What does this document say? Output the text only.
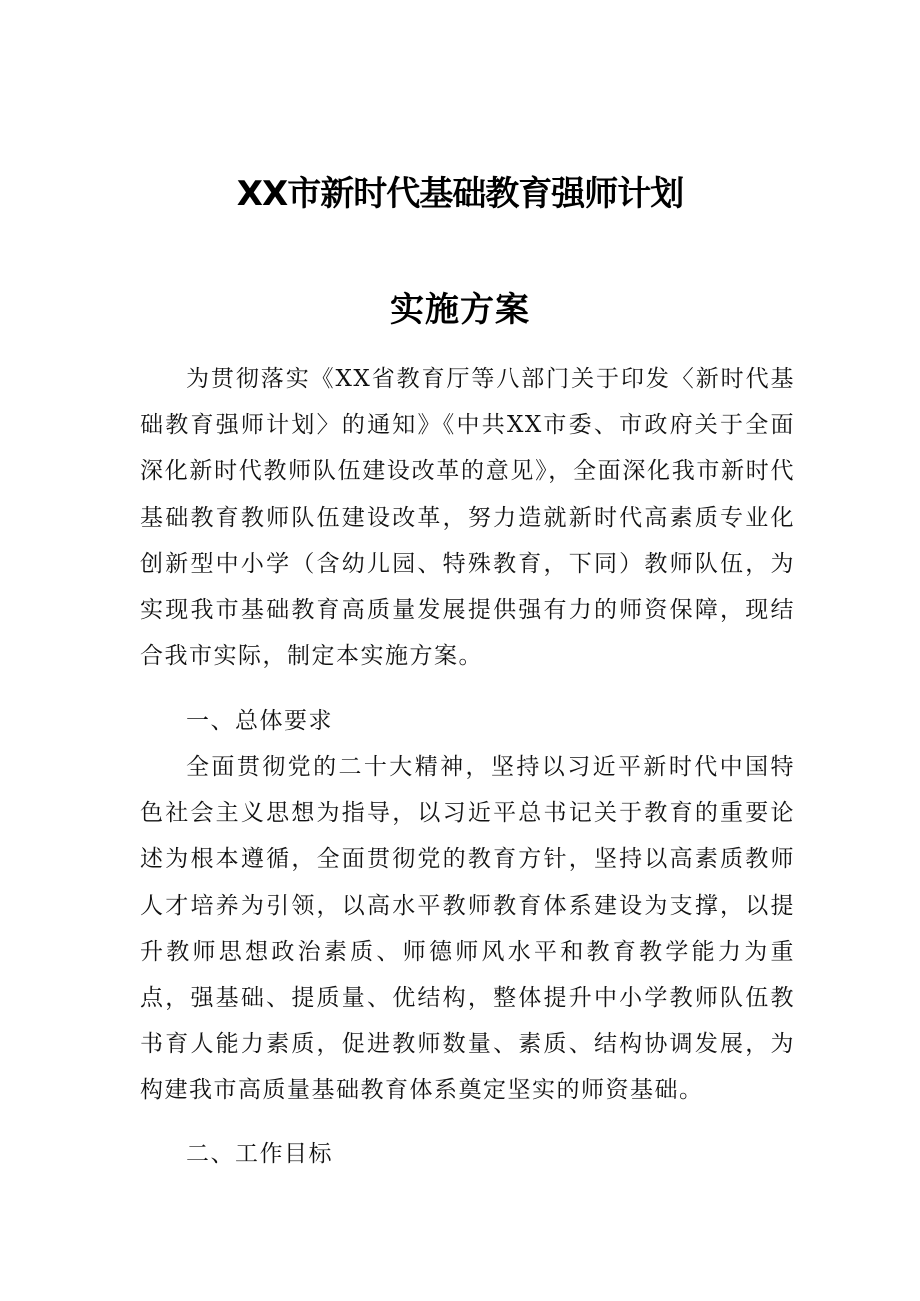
XX市新时代基础教育强师计划
实施方案

为贯彻落实《XX省教育厅等八部门关于印发〈新时代基础教育强师计划〉的通知》《中共XX市委、市政府关于全面深化新时代教师队伍建设改革的意见》，全面深化我市新时代基础教育教师队伍建设改革，努力造就新时代高素质专业化创新型中小学（含幼儿园、特殊教育，下同）教师队伍，为实现我市基础教育高质量发展提供强有力的师资保障，现结合我市实际，制定本实施方案。

一、总体要求

全面贯彻党的二十大精神，坚持以习近平新时代中国特色社会主义思想为指导，以习近平总书记关于教育的重要论述为根本遵循，全面贯彻党的教育方针，坚持以高素质教师人才培养为引领，以高水平教师教育体系建设为支撑，以提升教师思想政治素质、师德师风水平和教育教学能力为重点，强基础、提质量、优结构，整体提升中小学教师队伍教书育人能力素质，促进教师数量、素质、结构协调发展，为构建我市高质量基础教育体系奠定坚实的师资基础。

二、工作目标
